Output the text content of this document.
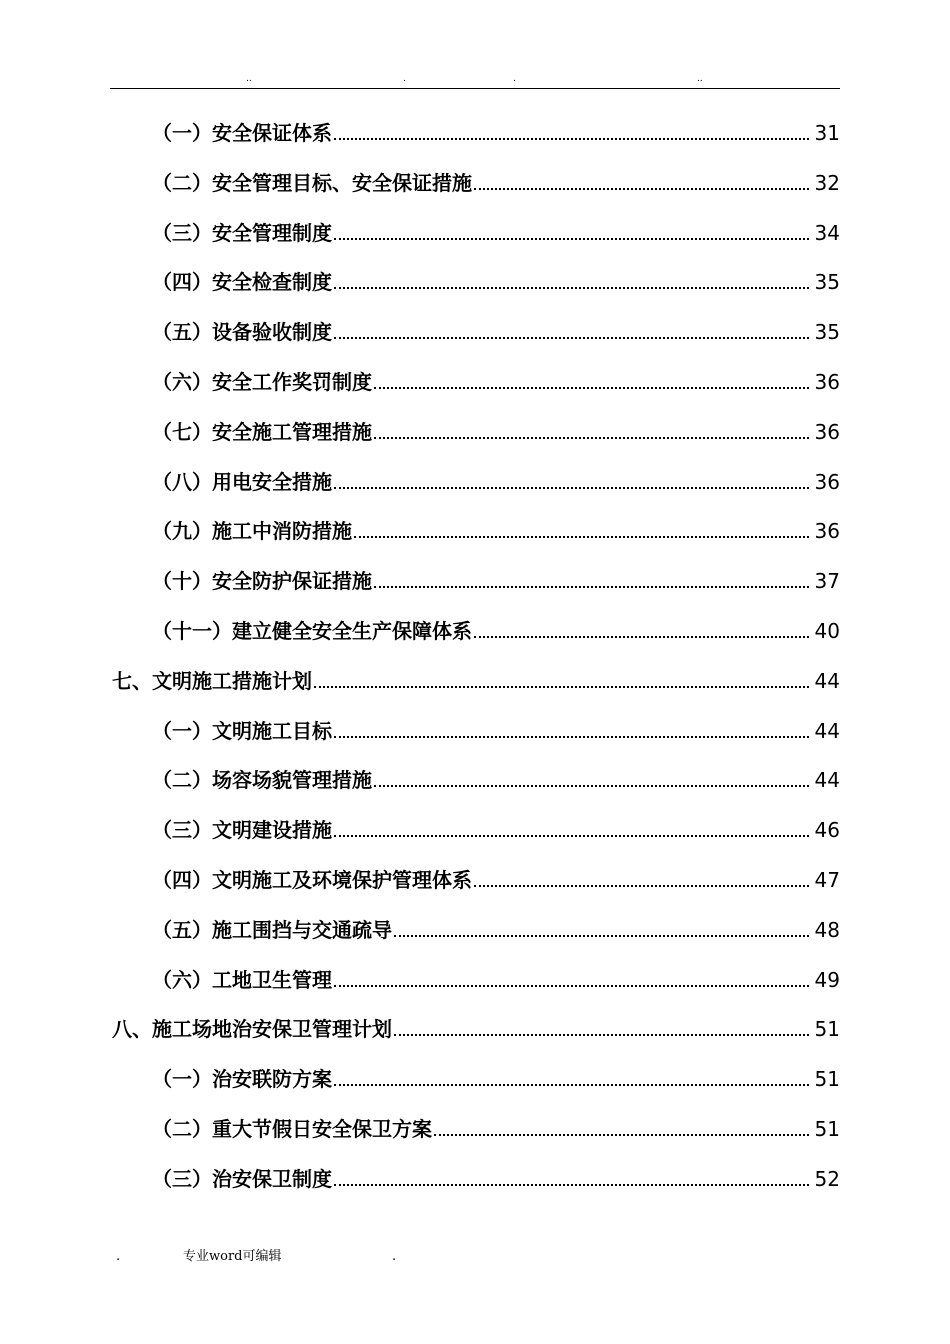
..	.	.	..
（一）安全保证体系	31
（二）安全管理目标、安全保证措施	32
（三）安全管理制度	34
（四）安全检查制度	35
（五）设备验收制度	35
（六）安全工作奖罚制度	36
（七）安全施工管理措施	36
（八）用电安全措施	36
（九）施工中消防措施	36
（十）安全防护保证措施	37
（十一）建立健全安全生产保障体系	40
七、文明施工措施计划	44
（一）文明施工目标	44
（二）场容场貌管理措施	44
（三）文明建设措施	46
（四）文明施工及环境保护管理体系	47
（五）施工围挡与交通疏导	48
（六）工地卫生管理	49
八、施工场地治安保卫管理计划	51
（一）治安联防方案	51
（二）重大节假日安全保卫方案	51
（三）治安保卫制度	52
.	专业word可编辑	.
